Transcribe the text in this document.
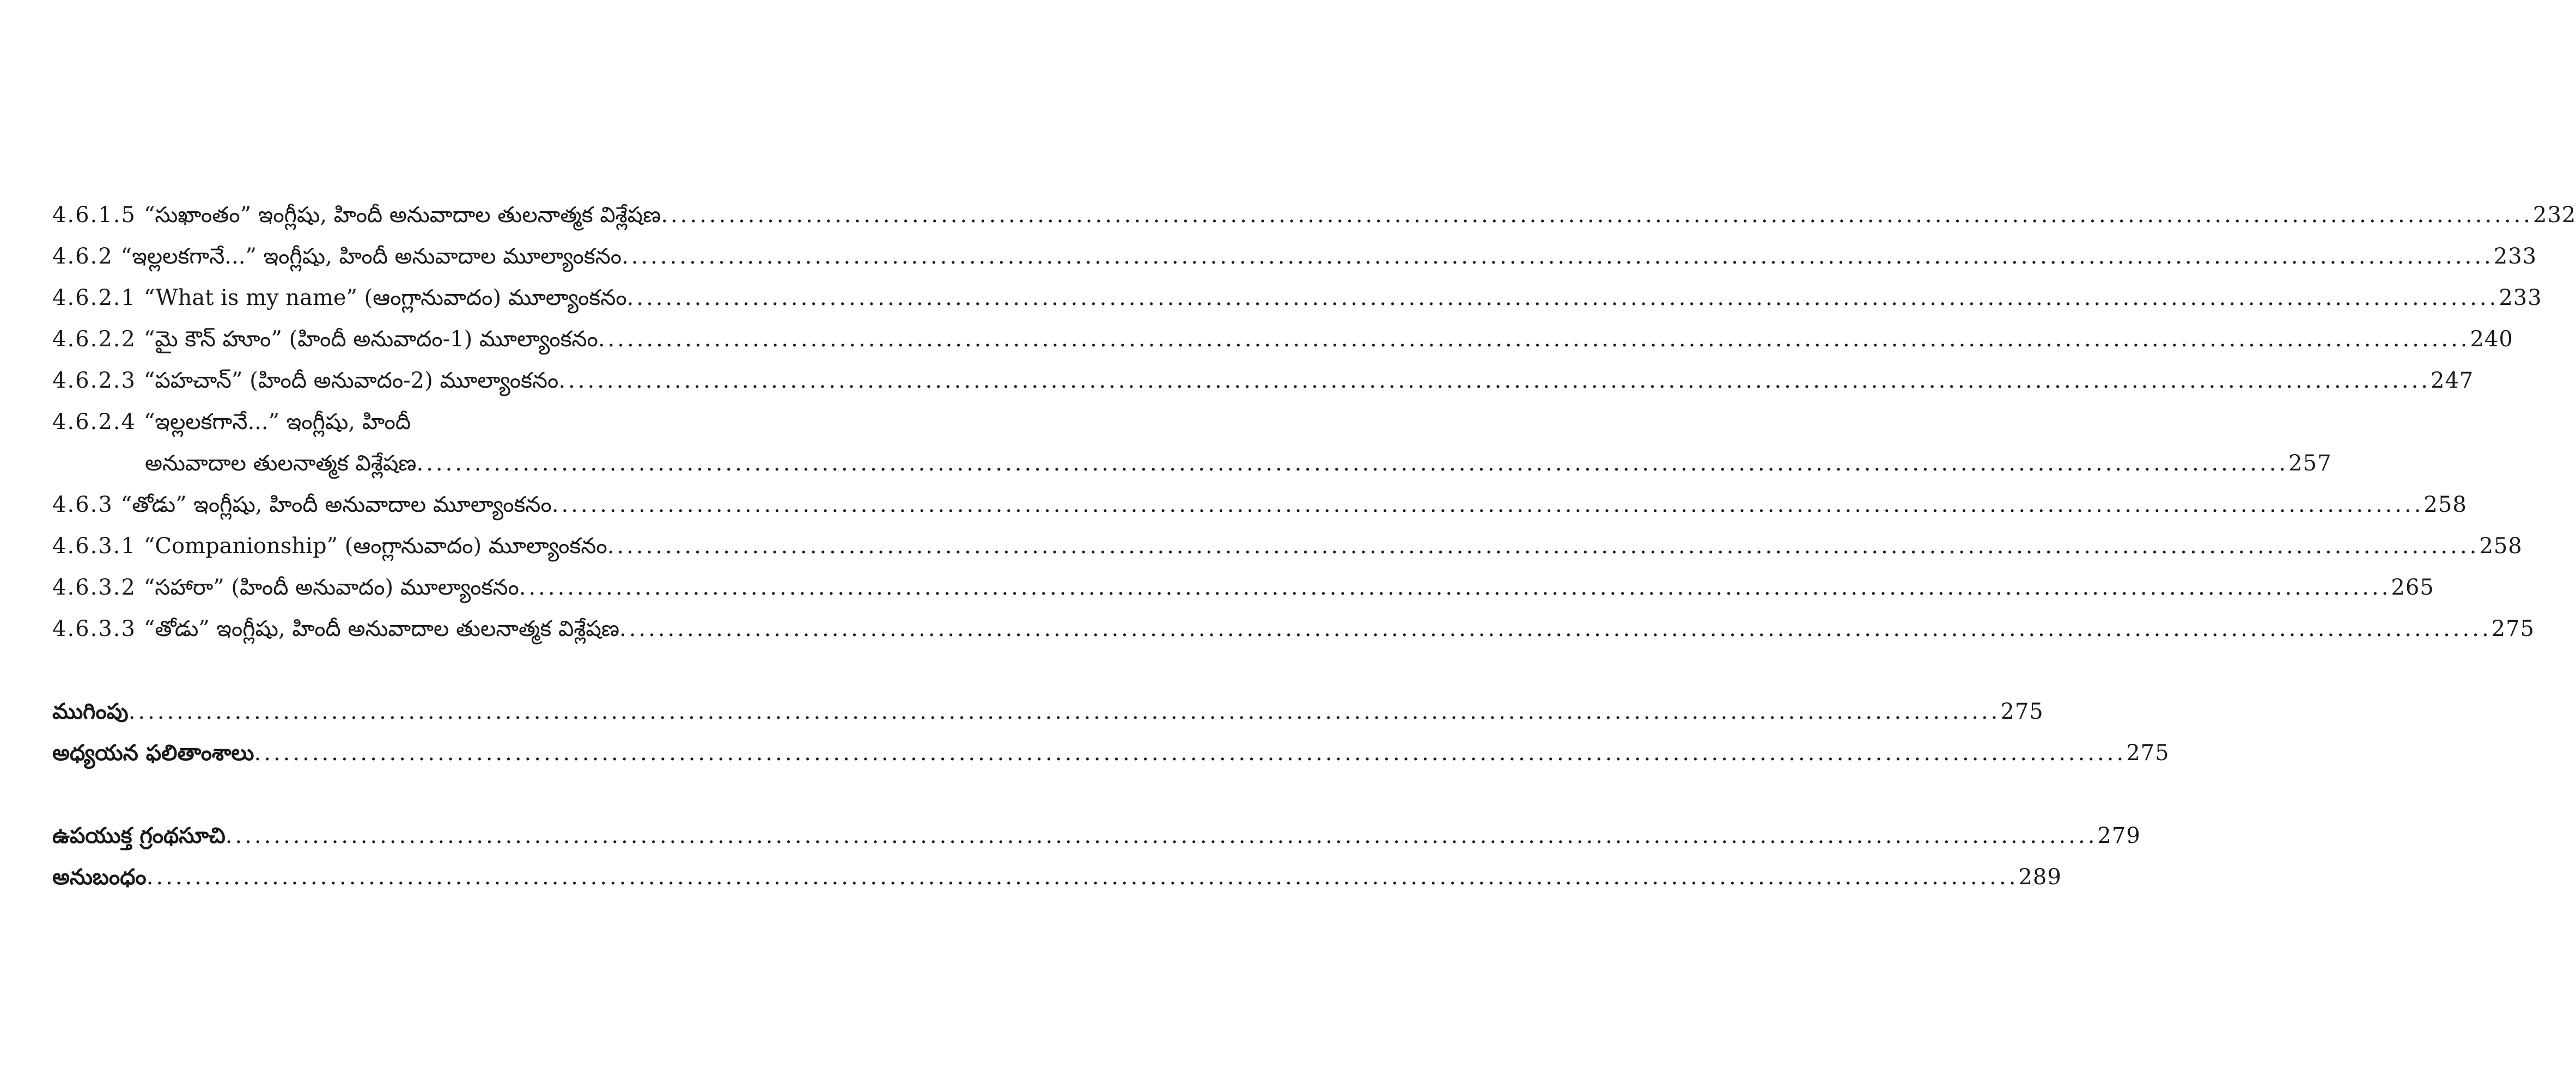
4.6.1.5 “సుఖాంతం” ఇంగ్లీషు, హిందీ అనువాదాల తులనాత్మక విశ్లేషణ .....	232
4.6.2 “ఇల్లలకగానే...” ఇంగ్లీషు, హిందీ అనువాదాల మూల్యాంకనం .....	233
4.6.2.1 “What is my name” (ఆంగ్లానువాదం) మూల్యాంకనం .....	233
4.6.2.2 “మై కౌన్ హూం” (హిందీ అనువాదం-1) మూల్యాంకనం .....	240
4.6.2.3 “పహచాన్” (హిందీ అనువాదం-2) మూల్యాంకనం .....	247
4.6.2.4 “ఇల్లలకగానే...” ఇంగ్లీషు, హిందీ
అనువాదాల తులనాత్మక విశ్లేషణ .....	257
4.6.3 “తోడు” ఇంగ్లీషు, హిందీ అనువాదాల మూల్యాంకనం .....	258
4.6.3.1 “Companionship” (ఆంగ్లానువాదం) మూల్యాంకనం .....	258
4.6.3.2 “సహారా” (హిందీ అనువాదం) మూల్యాంకనం .....	265
4.6.3.3 “తోడు” ఇంగ్లీషు, హిందీ అనువాదాల తులనాత్మక విశ్లేషణ .....	275
ముగింపు .....	275
అధ్యయన ఫలితాంశాలు .....	275
ఉపయుక్త గ్రంథసూచి .....	279
అనుబంధం .....	289
